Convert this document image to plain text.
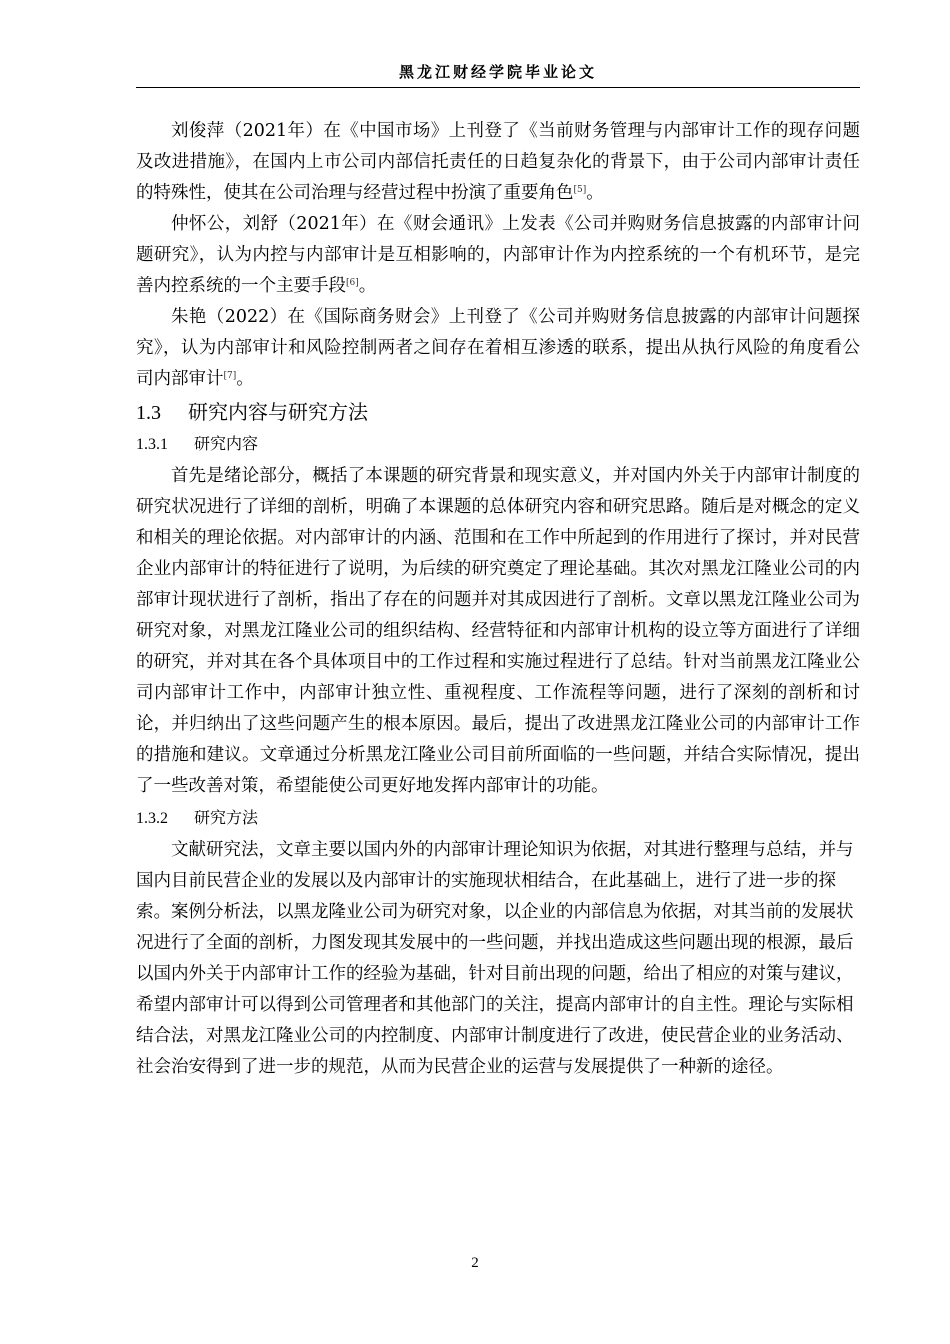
黑龙江财经学院毕业论文

刘俊萍（2021年）在《中国市场》上刊登了《当前财务管理与内部审计工作的现存问题及改进措施》，在国内上市公司内部信托责任的日趋复杂化的背景下，由于公司内部审计责任的特殊性，使其在公司治理与经营过程中扮演了重要角色[5]。

仲怀公，刘舒（2021年）在《财会通讯》上发表《公司并购财务信息披露的内部审计问题研究》，认为内控与内部审计是互相影响的，内部审计作为内控系统的一个有机环节，是完善内控系统的一个主要手段[6]。

朱艳（2022）在《国际商务财会》上刊登了《公司并购财务信息披露的内部审计问题探究》，认为内部审计和风险控制两者之间存在着相互渗透的联系，提出从执行风险的角度看公司内部审计[7]。

1.3 研究内容与研究方法
1.3.1 研究内容

首先是绪论部分，概括了本课题的研究背景和现实意义，并对国内外关于内部审计制度的研究状况进行了详细的剖析，明确了本课题的总体研究内容和研究思路。随后是对概念的定义和相关的理论依据。对内部审计的内涵、范围和在工作中所起到的作用进行了探讨，并对民营企业内部审计的特征进行了说明，为后续的研究奠定了理论基础。其次对黑龙江隆业公司的内部审计现状进行了剖析，指出了存在的问题并对其成因进行了剖析。文章以黑龙江隆业公司为研究对象，对黑龙江隆业公司的组织结构、经营特征和内部审计机构的设立等方面进行了详细的研究，并对其在各个具体项目中的工作过程和实施过程进行了总结。针对当前黑龙江隆业公司内部审计工作中，内部审计独立性、重视程度、工作流程等问题，进行了深刻的剖析和讨论，并归纳出了这些问题产生的根本原因。最后，提出了改进黑龙江隆业公司的内部审计工作的措施和建议。文章通过分析黑龙江隆业公司目前所面临的一些问题，并结合实际情况，提出了一些改善对策，希望能使公司更好地发挥内部审计的功能。

1.3.2 研究方法

文献研究法，文章主要以国内外的内部审计理论知识为依据，对其进行整理与总结，并与国内目前民营企业的发展以及内部审计的实施现状相结合，在此基础上，进行了进一步的探索。案例分析法，以黑龙隆业公司为研究对象，以企业的内部信息为依据，对其当前的发展状况进行了全面的剖析，力图发现其发展中的一些问题，并找出造成这些问题出现的根源，最后以国内外关于内部审计工作的经验为基础，针对目前出现的问题，给出了相应的对策与建议，希望内部审计可以得到公司管理者和其他部门的关注，提高内部审计的自主性。理论与实际相结合法，对黑龙江隆业公司的内控制度、内部审计制度进行了改进，使民营企业的业务活动、社会治安得到了进一步的规范，从而为民营企业的运营与发展提供了一种新的途径。

2
